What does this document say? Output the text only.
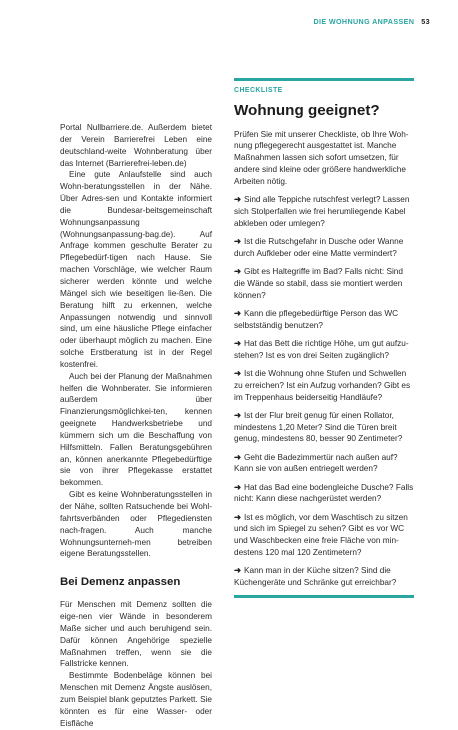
DIE WOHNUNG ANPASSEN 53

Portal Nullbarriere.de. Außerdem bietet der Verein Barrierefrei Leben eine deutschland-weite Wohnberatung über das Internet (Barrierefrei-leben.de)

Eine gute Anlaufstelle sind auch Wohn-beratungsstellen in der Nähe. Über Adres-sen und Kontakte informiert die Bundesar-beitsgemeinschaft Wohnungsanpassung (Wohnungsanpassung-bag.de). Auf Anfrage kommen geschulte Berater zu Pflegebedürf-tigen nach Hause. Sie machen Vorschläge, wie welcher Raum sicherer werden könnte und welche Mängel sich wie beseitigen lie-ßen. Die Beratung hilft zu erkennen, welche Anpassungen notwendig und sinnvoll sind, um eine häusliche Pflege einfacher oder überhaupt möglich zu machen. Eine solche Erstberatung ist in der Regel kostenfrei.

Auch bei der Planung der Maßnahmen helfen die Wohnberater. Sie informieren außerdem über Finanzierungsmöglichkei-ten, kennen geeignete Handwerksbetriebe und kümmern sich um die Beschaffung von Hilfsmitteln. Fallen Beratungsgebühren an, können anerkannte Pflegebedürftige sie von ihrer Pflegekasse erstattet bekommen.

Gibt es keine Wohnberatungsstellen in der Nähe, sollten Ratsuchende bei Wohl-fahrtsverbänden oder Pflegediensten nach-fragen. Auch manche Wohnungsunterneh-men betreiben eigene Beratungsstellen.

Bei Demenz anpassen

Für Menschen mit Demenz sollten die eige-nen vier Wände in besonderem Maße sicher und auch beruhigend sein. Dafür können Angehörige spezielle Maßnahmen treffen, wenn sie die Fallstricke kennen.

Bestimmte Bodenbeläge können bei Menschen mit Demenz Ängste auslösen, zum Beispiel blank geputztes Parkett. Sie könnten es für eine Wasser- oder Eisfläche

CHECKLISTE
Wohnung geeignet?

Prüfen Sie mit unserer Checkliste, ob Ihre Woh-nung pflegegerecht ausgestattet ist. Manche Maßnahmen lassen sich sofort umsetzen, für andere sind kleine oder größere handwerkliche Arbeiten nötig.

➜ Sind alle Teppiche rutschfest verlegt? Lassen sich Stolperfallen wie frei herumliegende Kabel abkleben oder umlegen?
➜ Ist die Rutschgefahr in Dusche oder Wanne durch Aufkleber oder eine Matte vermindert?
➜ Gibt es Haltegriffe im Bad? Falls nicht: Sind die Wände so stabil, dass sie montiert werden können?
➜ Kann die pflegebedürftige Person das WC selbstständig benutzen?
➜ Hat das Bett die richtige Höhe, um gut aufzu-stehen? Ist es von drei Seiten zugänglich?
➜ Ist die Wohnung ohne Stufen und Schwellen zu erreichen? Ist ein Aufzug vorhanden? Gibt es im Treppenhaus beiderseitig Handläufe?
➜ Ist der Flur breit genug für einen Rollator, mindestens 1,20 Meter? Sind die Türen breit genug, mindestens 80, besser 90 Zentimeter?
➜ Geht die Badezimmertür nach außen auf? Kann sie von außen entriegelt werden?
➜ Hat das Bad eine bodengleiche Dusche? Falls nicht: Kann diese nachgerüstet werden?
➜ Ist es möglich, vor dem Waschtisch zu sitzen und sich im Spiegel zu sehen? Gibt es vor WC und Waschbecken eine freie Fläche von min-destens 120 mal 120 Zentimetern?
➜ Kann man in der Küche sitzen? Sind die Küchengeräte und Schränke gut erreichbar?
